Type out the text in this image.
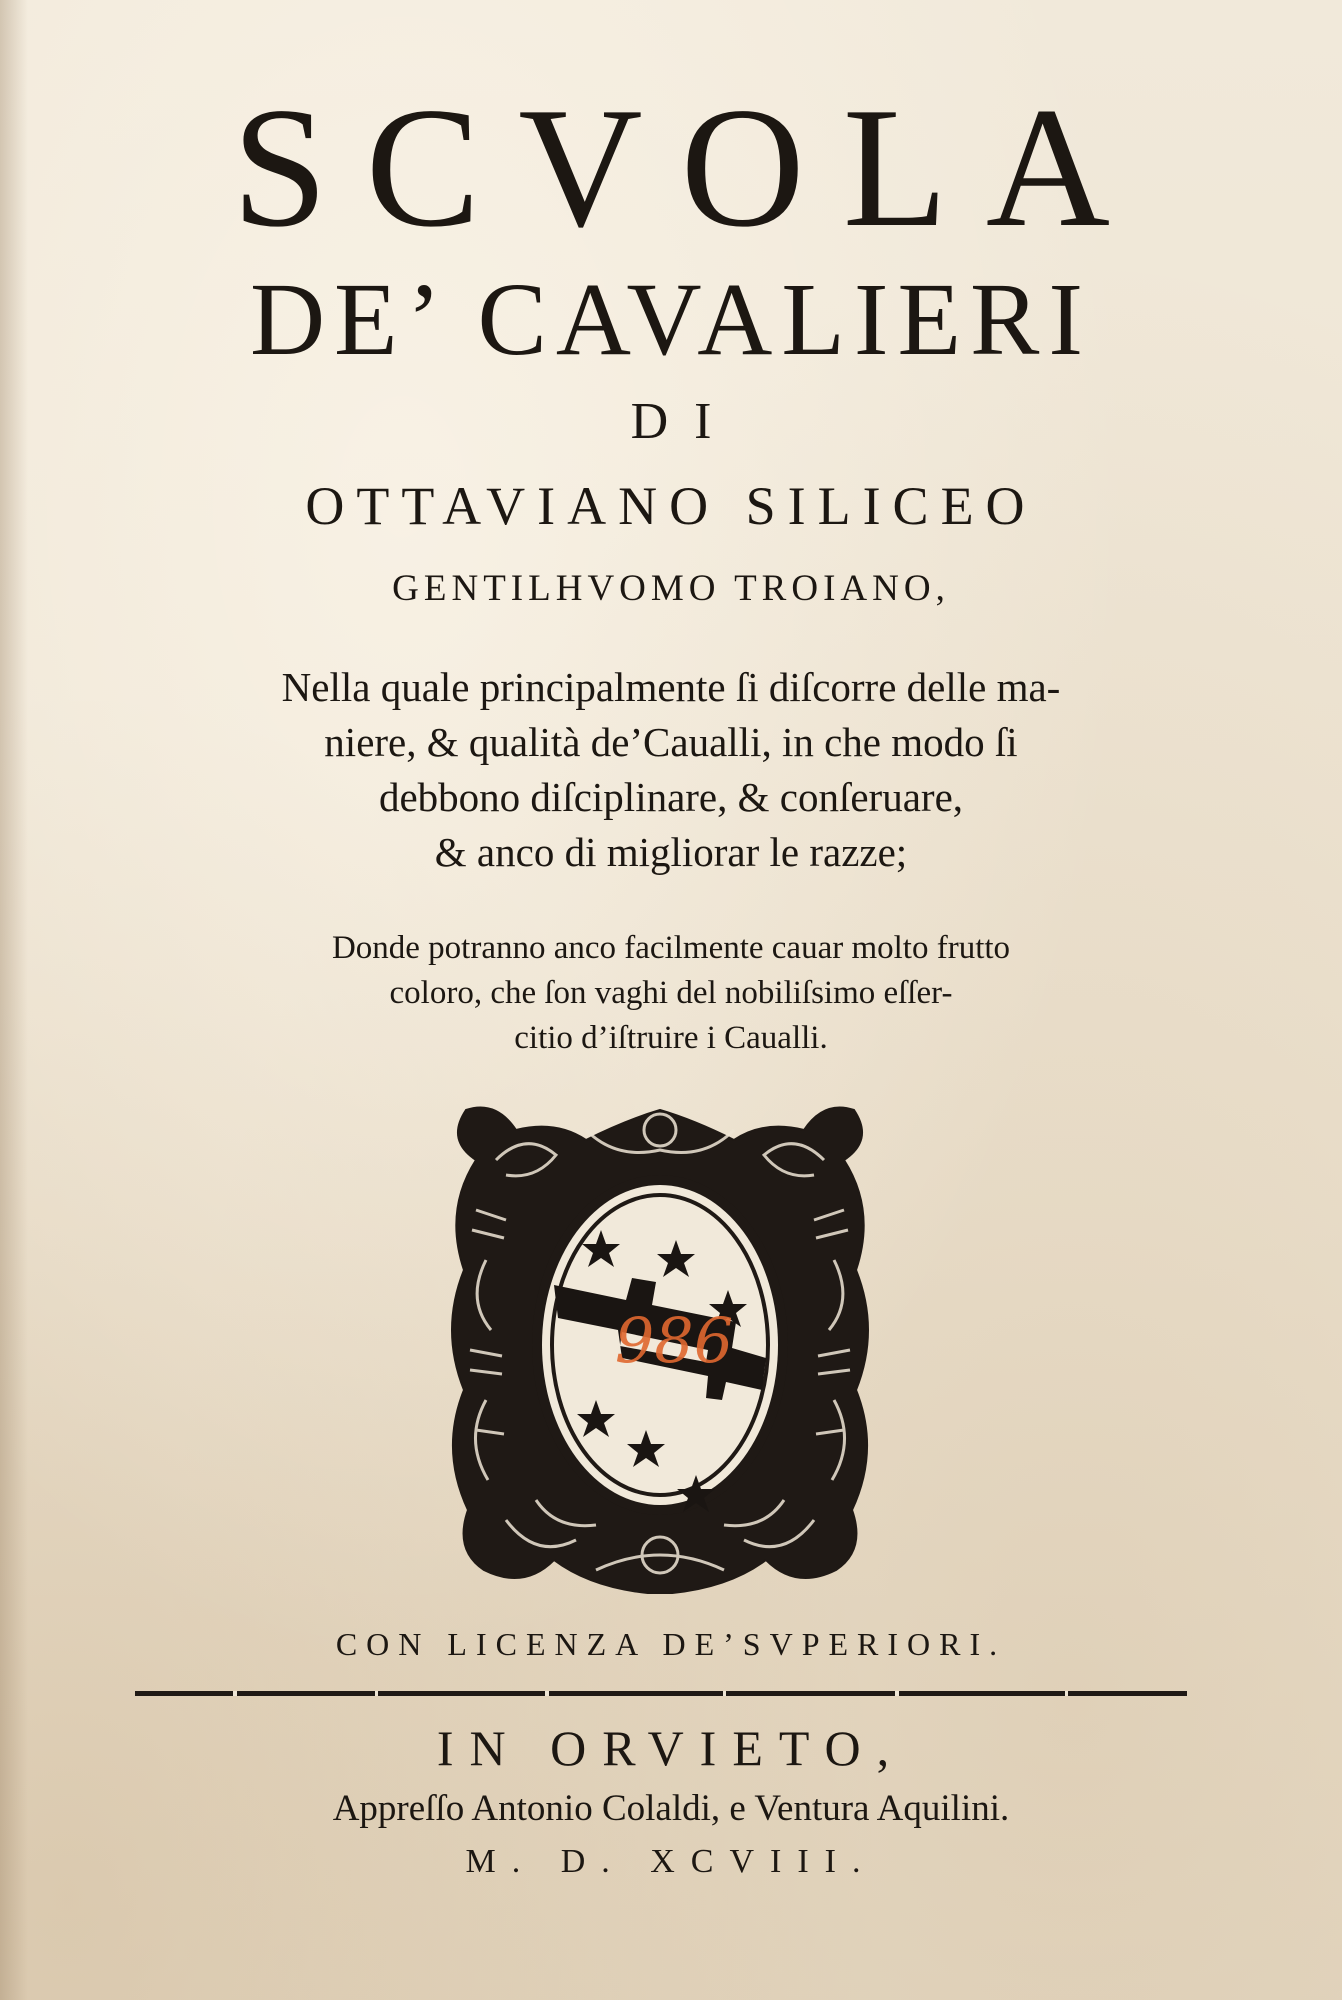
SCVOLA
DE’ CAVALIERI
DI
OTTAVIANO SILICEO
GENTILHVOMO TROIANO,
Nella quale principalmente ſi diſcorre delle ma-
niere, & qualità de’Caualli, in che modo ſi
debbono diſciplinare, & conſeruare,
& anco di migliorar le razze;
Donde potranno anco facilmente cauar molto frutto
coloro, che ſon vaghi del nobiliſsimo eſſer-
citio d’iſtruire i Caualli.
986
CON LICENZA DE’SVPERIORI.
IN ORVIETO,
Appreſſo Antonio Colaldi, e Ventura Aquilini.
M. D. XCVIII.
